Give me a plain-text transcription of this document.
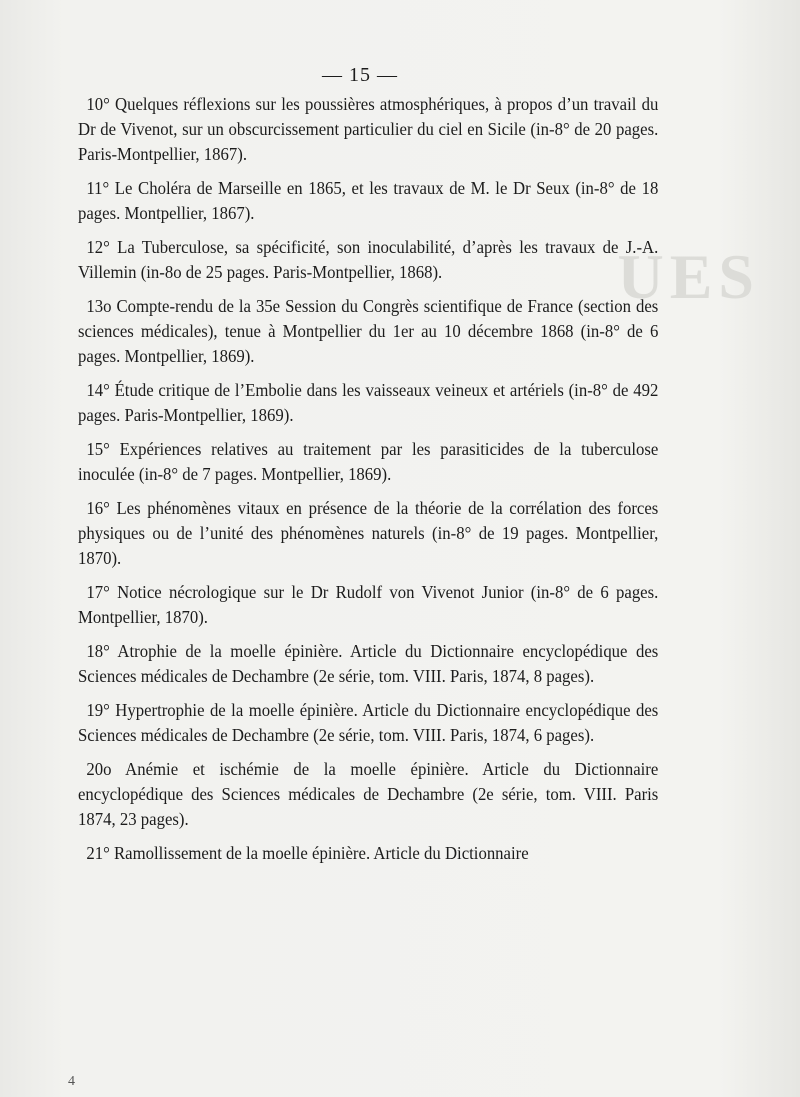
UES
— 15 —

10° Quelques réflexions sur les poussières atmosphériques, à propos d’un travail du Dr de Vivenot, sur un obscurcissement particulier du ciel en Sicile (in-8° de 20 pages. Paris-Montpellier, 1867).

11° Le Choléra de Marseille en 1865, et les travaux de M. le Dr Seux (in-8° de 18 pages. Montpellier, 1867).

12° La Tuberculose, sa spécificité, son inoculabilité, d’après les travaux de J.-A. Villemin (in-8o de 25 pages. Paris-Montpellier, 1868).

13o Compte-rendu de la 35e Session du Congrès scientifique de France (section des sciences médicales), tenue à Montpellier du 1er au 10 décembre 1868 (in-8° de 6 pages. Montpellier, 1869).

14° Étude critique de l’Embolie dans les vaisseaux veineux et artériels (in-8° de 492 pages. Paris-Montpellier, 1869).

15° Expériences relatives au traitement par les parasiticides de la tuberculose inoculée (in-8° de 7 pages. Montpellier, 1869).

16° Les phénomènes vitaux en présence de la théorie de la corrélation des forces physiques ou de l’unité des phénomènes naturels (in-8° de 19 pages. Montpellier, 1870).

17° Notice nécrologique sur le Dr Rudolf von Vivenot Junior (in-8° de 6 pages. Montpellier, 1870).

18° Atrophie de la moelle épinière. Article du Dictionnaire encyclopédique des Sciences médicales de Dechambre (2e série, tom. VIII. Paris, 1874, 8 pages).

19° Hypertrophie de la moelle épinière. Article du Dictionnaire encyclopédique des Sciences médicales de Dechambre (2e série, tom. VIII. Paris, 1874, 6 pages).

20o Anémie et ischémie de la moelle épinière. Article du Dictionnaire encyclopédique des Sciences médicales de Dechambre (2e série, tom. VIII. Paris 1874, 23 pages).

21° Ramollissement de la moelle épinière. Article du Dictionnaire

4
